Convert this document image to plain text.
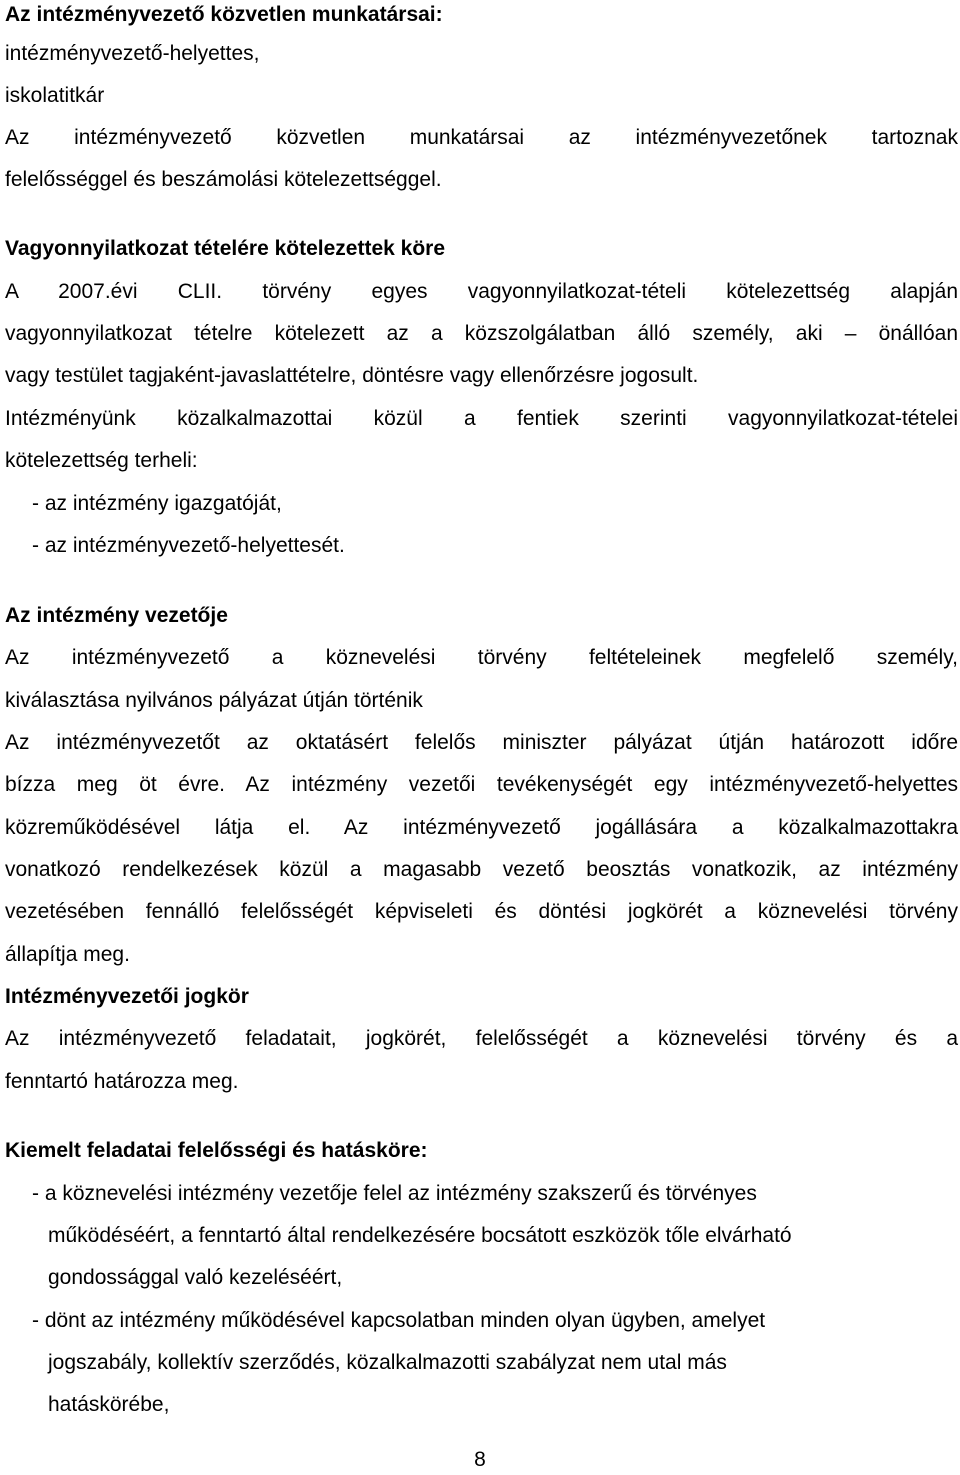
Az intézményvezető közvetlen munkatársai:
intézményvezető-helyettes,
iskolatitkár
Az intézményvezető közvetlen munkatársai az intézményvezetőnek tartoznak
felelősséggel és beszámolási kötelezettséggel.
Vagyonnyilatkozat tételére kötelezettek köre
A 2007.évi CLII. törvény egyes vagyonnyilatkozat-tételi kötelezettség alapján
vagyonnyilatkozat tételre kötelezett az a közszolgálatban álló személy, aki – önállóan
vagy testület tagjaként-javaslattételre, döntésre vagy ellenőrzésre jogosult.
Intézményünk közalkalmazottai közül a fentiek szerinti vagyonnyilatkozat-tételei
kötelezettség terheli:
- az intézmény igazgatóját,
- az intézményvezető-helyettesét.
Az intézmény vezetője
Az intézményvezető a köznevelési törvény feltételeinek megfelelő személy,
kiválasztása nyilvános pályázat útján történik
Az intézményvezetőt az oktatásért felelős miniszter pályázat útján határozott időre
bízza meg öt évre. Az intézmény vezetői tevékenységét egy intézményvezető-helyettes
közreműködésével látja el. Az intézményvezető jogállására a közalkalmazottakra
vonatkozó rendelkezések közül a magasabb vezető beosztás vonatkozik, az intézmény
vezetésében fennálló felelősségét képviseleti és döntési jogkörét a köznevelési törvény
állapítja meg.
Intézményvezetői jogkör
Az intézményvezető feladatait, jogkörét, felelősségét a köznevelési törvény és a
fenntartó határozza meg.
Kiemelt feladatai felelősségi és hatásköre:
- a köznevelési intézmény vezetője felel az intézmény szakszerű és törvényes
működéséért, a fenntartó által rendelkezésére bocsátott eszközök tőle elvárható
gondossággal való kezeléséért,
- dönt az intézmény működésével kapcsolatban minden olyan ügyben, amelyet
jogszabály, kollektív szerződés, közalkalmazotti szabályzat nem utal más
hatáskörébe,
8
